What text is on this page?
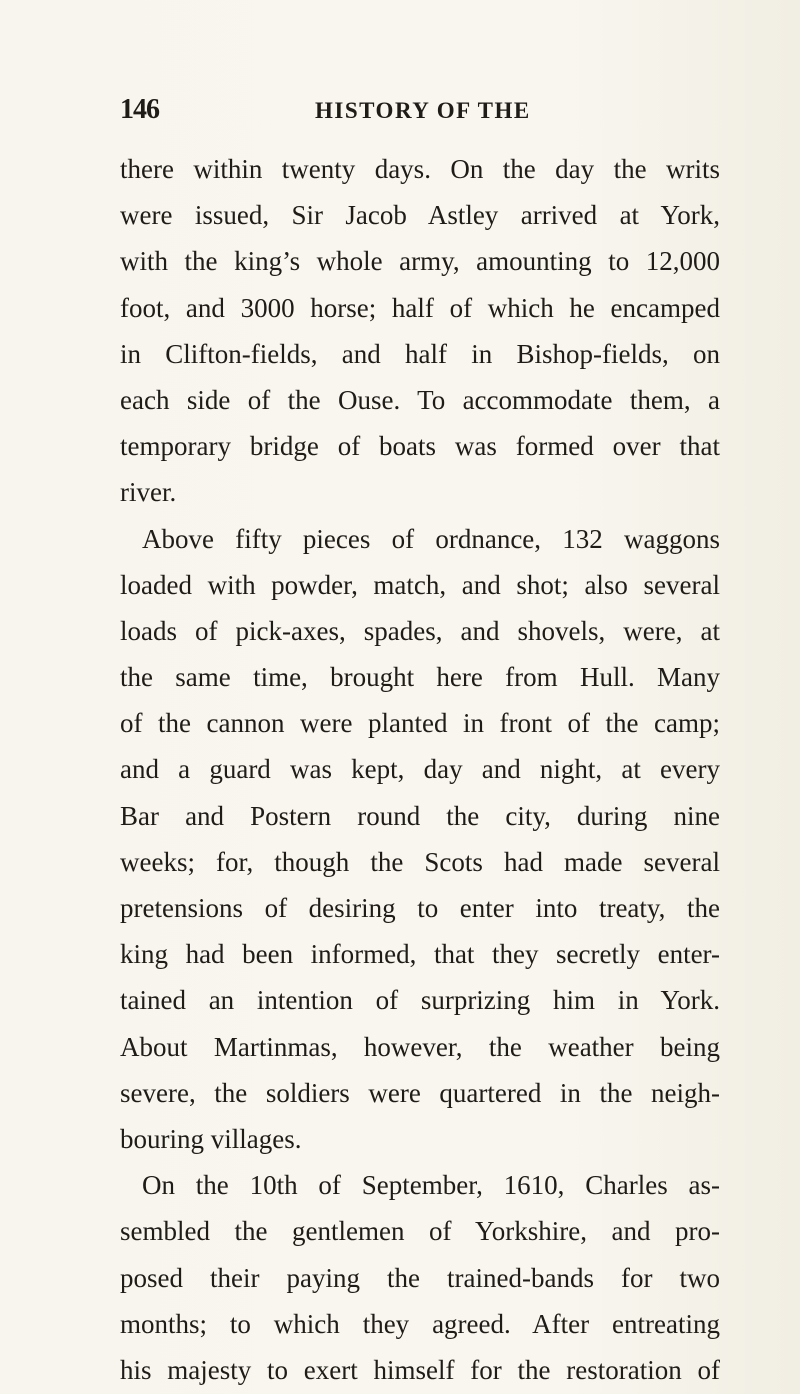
146	HISTORY OF THE
there within twenty days. On the day the writs
were issued, Sir Jacob Astley arrived at York,
with the king’s whole army, amounting to 12,000
foot, and 3000 horse; half of which he encamped
in Clifton-fields, and half in Bishop-fields, on
each side of the Ouse. To accommodate them, a
temporary bridge of boats was formed over that
river.
Above fifty pieces of ordnance, 132 waggons
loaded with powder, match, and shot; also several
loads of pick-axes, spades, and shovels, were, at
the same time, brought here from Hull. Many
of the cannon were planted in front of the camp;
and a guard was kept, day and night, at every
Bar and Postern round the city, during nine
weeks; for, though the Scots had made several
pretensions of desiring to enter into treaty, the
king had been informed, that they secretly enter-
tained an intention of surprizing him in York.
About Martinmas, however, the weather being
severe, the soldiers were quartered in the neigh-
bouring villages.
On the 10th of September, 1610, Charles as-
sembled the gentlemen of Yorkshire, and pro-
posed their paying the trained-bands for two
months; to which they agreed. After entreating
his majesty to exert himself for the restoration of
